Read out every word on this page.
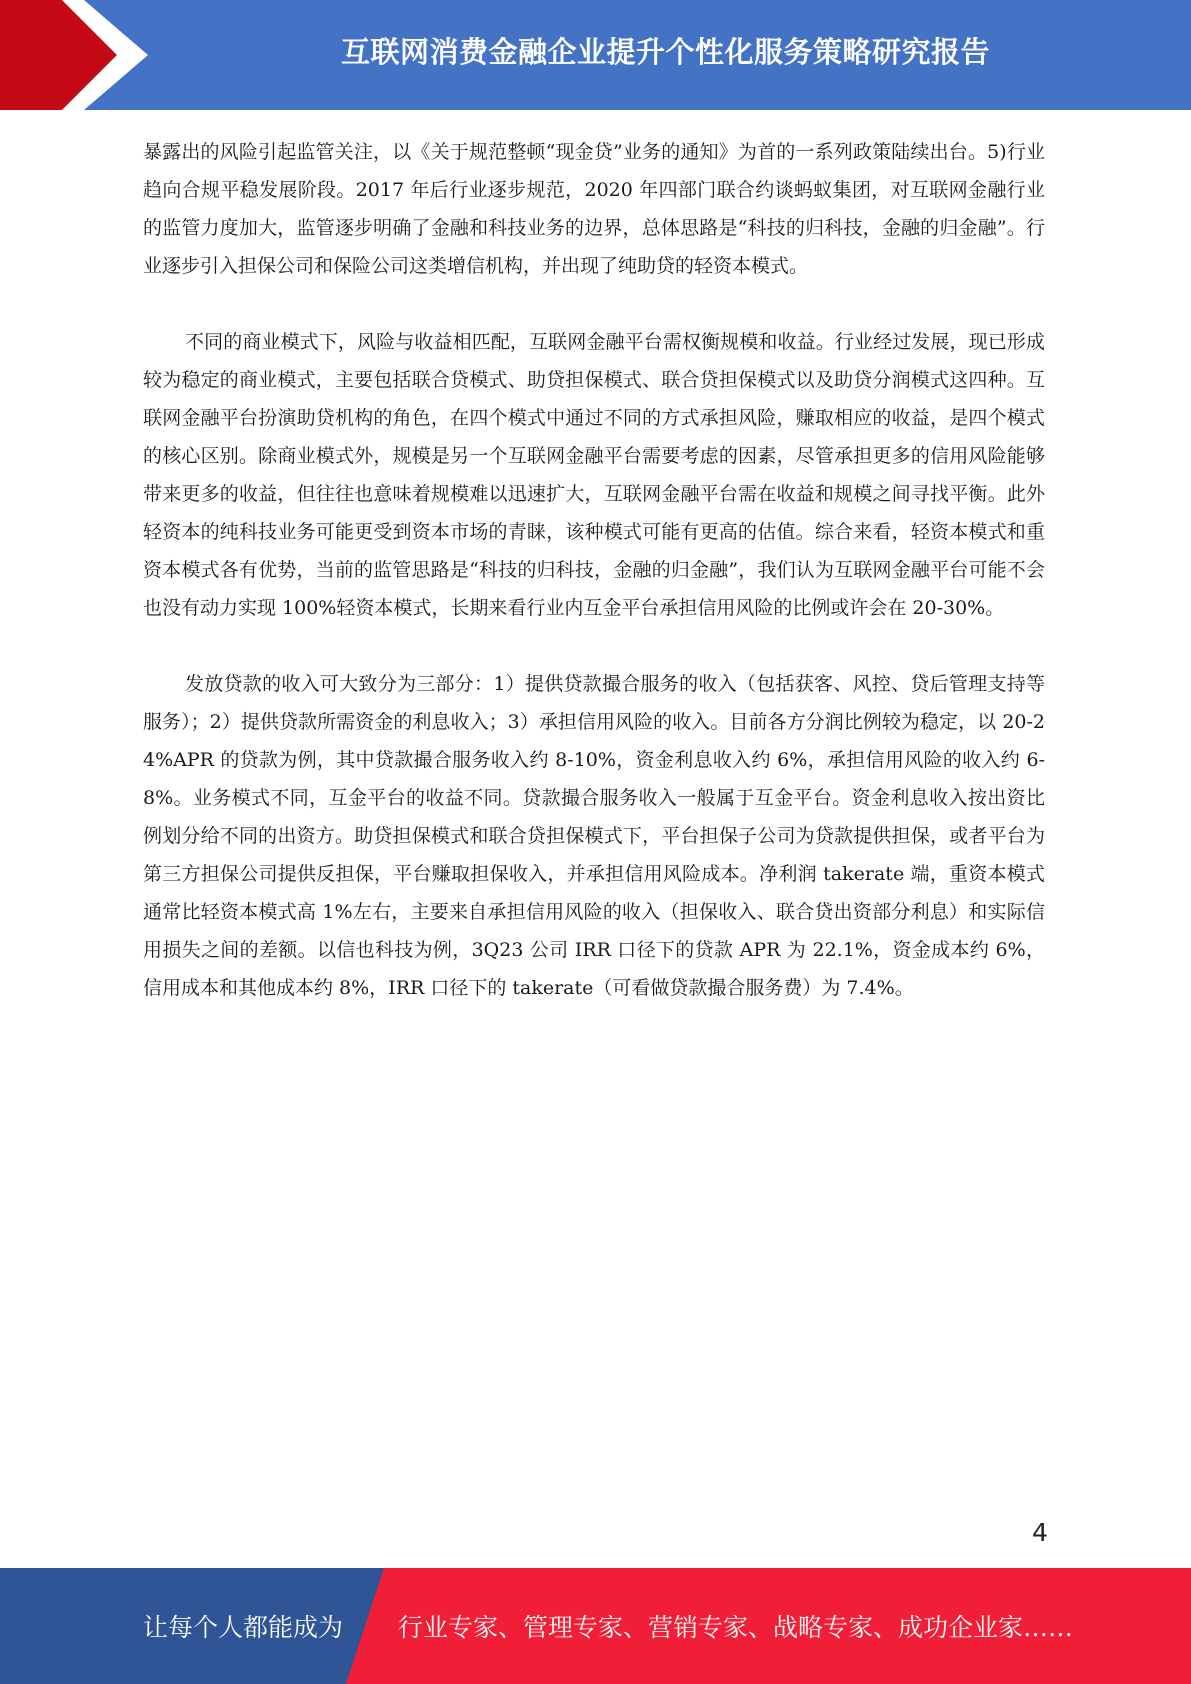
互联网消费金融企业提升个性化服务策略研究报告

暴露出的风险引起监管关注，以《关于规范整顿“现金贷”业务的通知》为首的一系列政策陆续出台。5)行业趋向合规平稳发展阶段。2017 年后行业逐步规范，2020 年四部门联合约谈蚂蚁集团，对互联网金融行业的监管力度加大，监管逐步明确了金融和科技业务的边界，总体思路是“科技的归科技，金融的归金融”。行业逐步引入担保公司和保险公司这类增信机构，并出现了纯助贷的轻资本模式。

不同的商业模式下，风险与收益相匹配，互联网金融平台需权衡规模和收益。行业经过发展，现已形成较为稳定的商业模式，主要包括联合贷模式、助贷担保模式、联合贷担保模式以及助贷分润模式这四种。互联网金融平台扮演助贷机构的角色，在四个模式中通过不同的方式承担风险，赚取相应的收益，是四个模式的核心区别。除商业模式外，规模是另一个互联网金融平台需要考虑的因素，尽管承担更多的信用风险能够带来更多的收益，但往往也意味着规模难以迅速扩大，互联网金融平台需在收益和规模之间寻找平衡。此外轻资本的纯科技业务可能更受到资本市场的青睐，该种模式可能有更高的估值。综合来看，轻资本模式和重资本模式各有优势，当前的监管思路是“科技的归科技，金融的归金融”，我们认为互联网金融平台可能不会也没有动力实现 100%轻资本模式，长期来看行业内互金平台承担信用风险的比例或许会在 20-30%。

发放贷款的收入可大致分为三部分：1）提供贷款撮合服务的收入（包括获客、风控、贷后管理支持等服务）；2）提供贷款所需资金的利息收入；3）承担信用风险的收入。目前各方分润比例较为稳定，以 20-24%APR 的贷款为例，其中贷款撮合服务收入约 8-10%，资金利息收入约 6%，承担信用风险的收入约 6-8%。业务模式不同，互金平台的收益不同。贷款撮合服务收入一般属于互金平台。资金利息收入按出资比例划分给不同的出资方。助贷担保模式和联合贷担保模式下，平台担保子公司为贷款提供担保，或者平台为第三方担保公司提供反担保，平台赚取担保收入，并承担信用风险成本。净利润 takerate 端，重资本模式通常比轻资本模式高 1%左右，主要来自承担信用风险的收入（担保收入、联合贷出资部分利息）和实际信用损失之间的差额。以信也科技为例，3Q23 公司 IRR 口径下的贷款 APR 为 22.1%，资金成本约 6%，信用成本和其他成本约 8%，IRR 口径下的 takerate（可看做贷款撮合服务费）为 7.4%。

4
让每个人都能成为 行业专家、管理专家、营销专家、战略专家、成功企业家……
